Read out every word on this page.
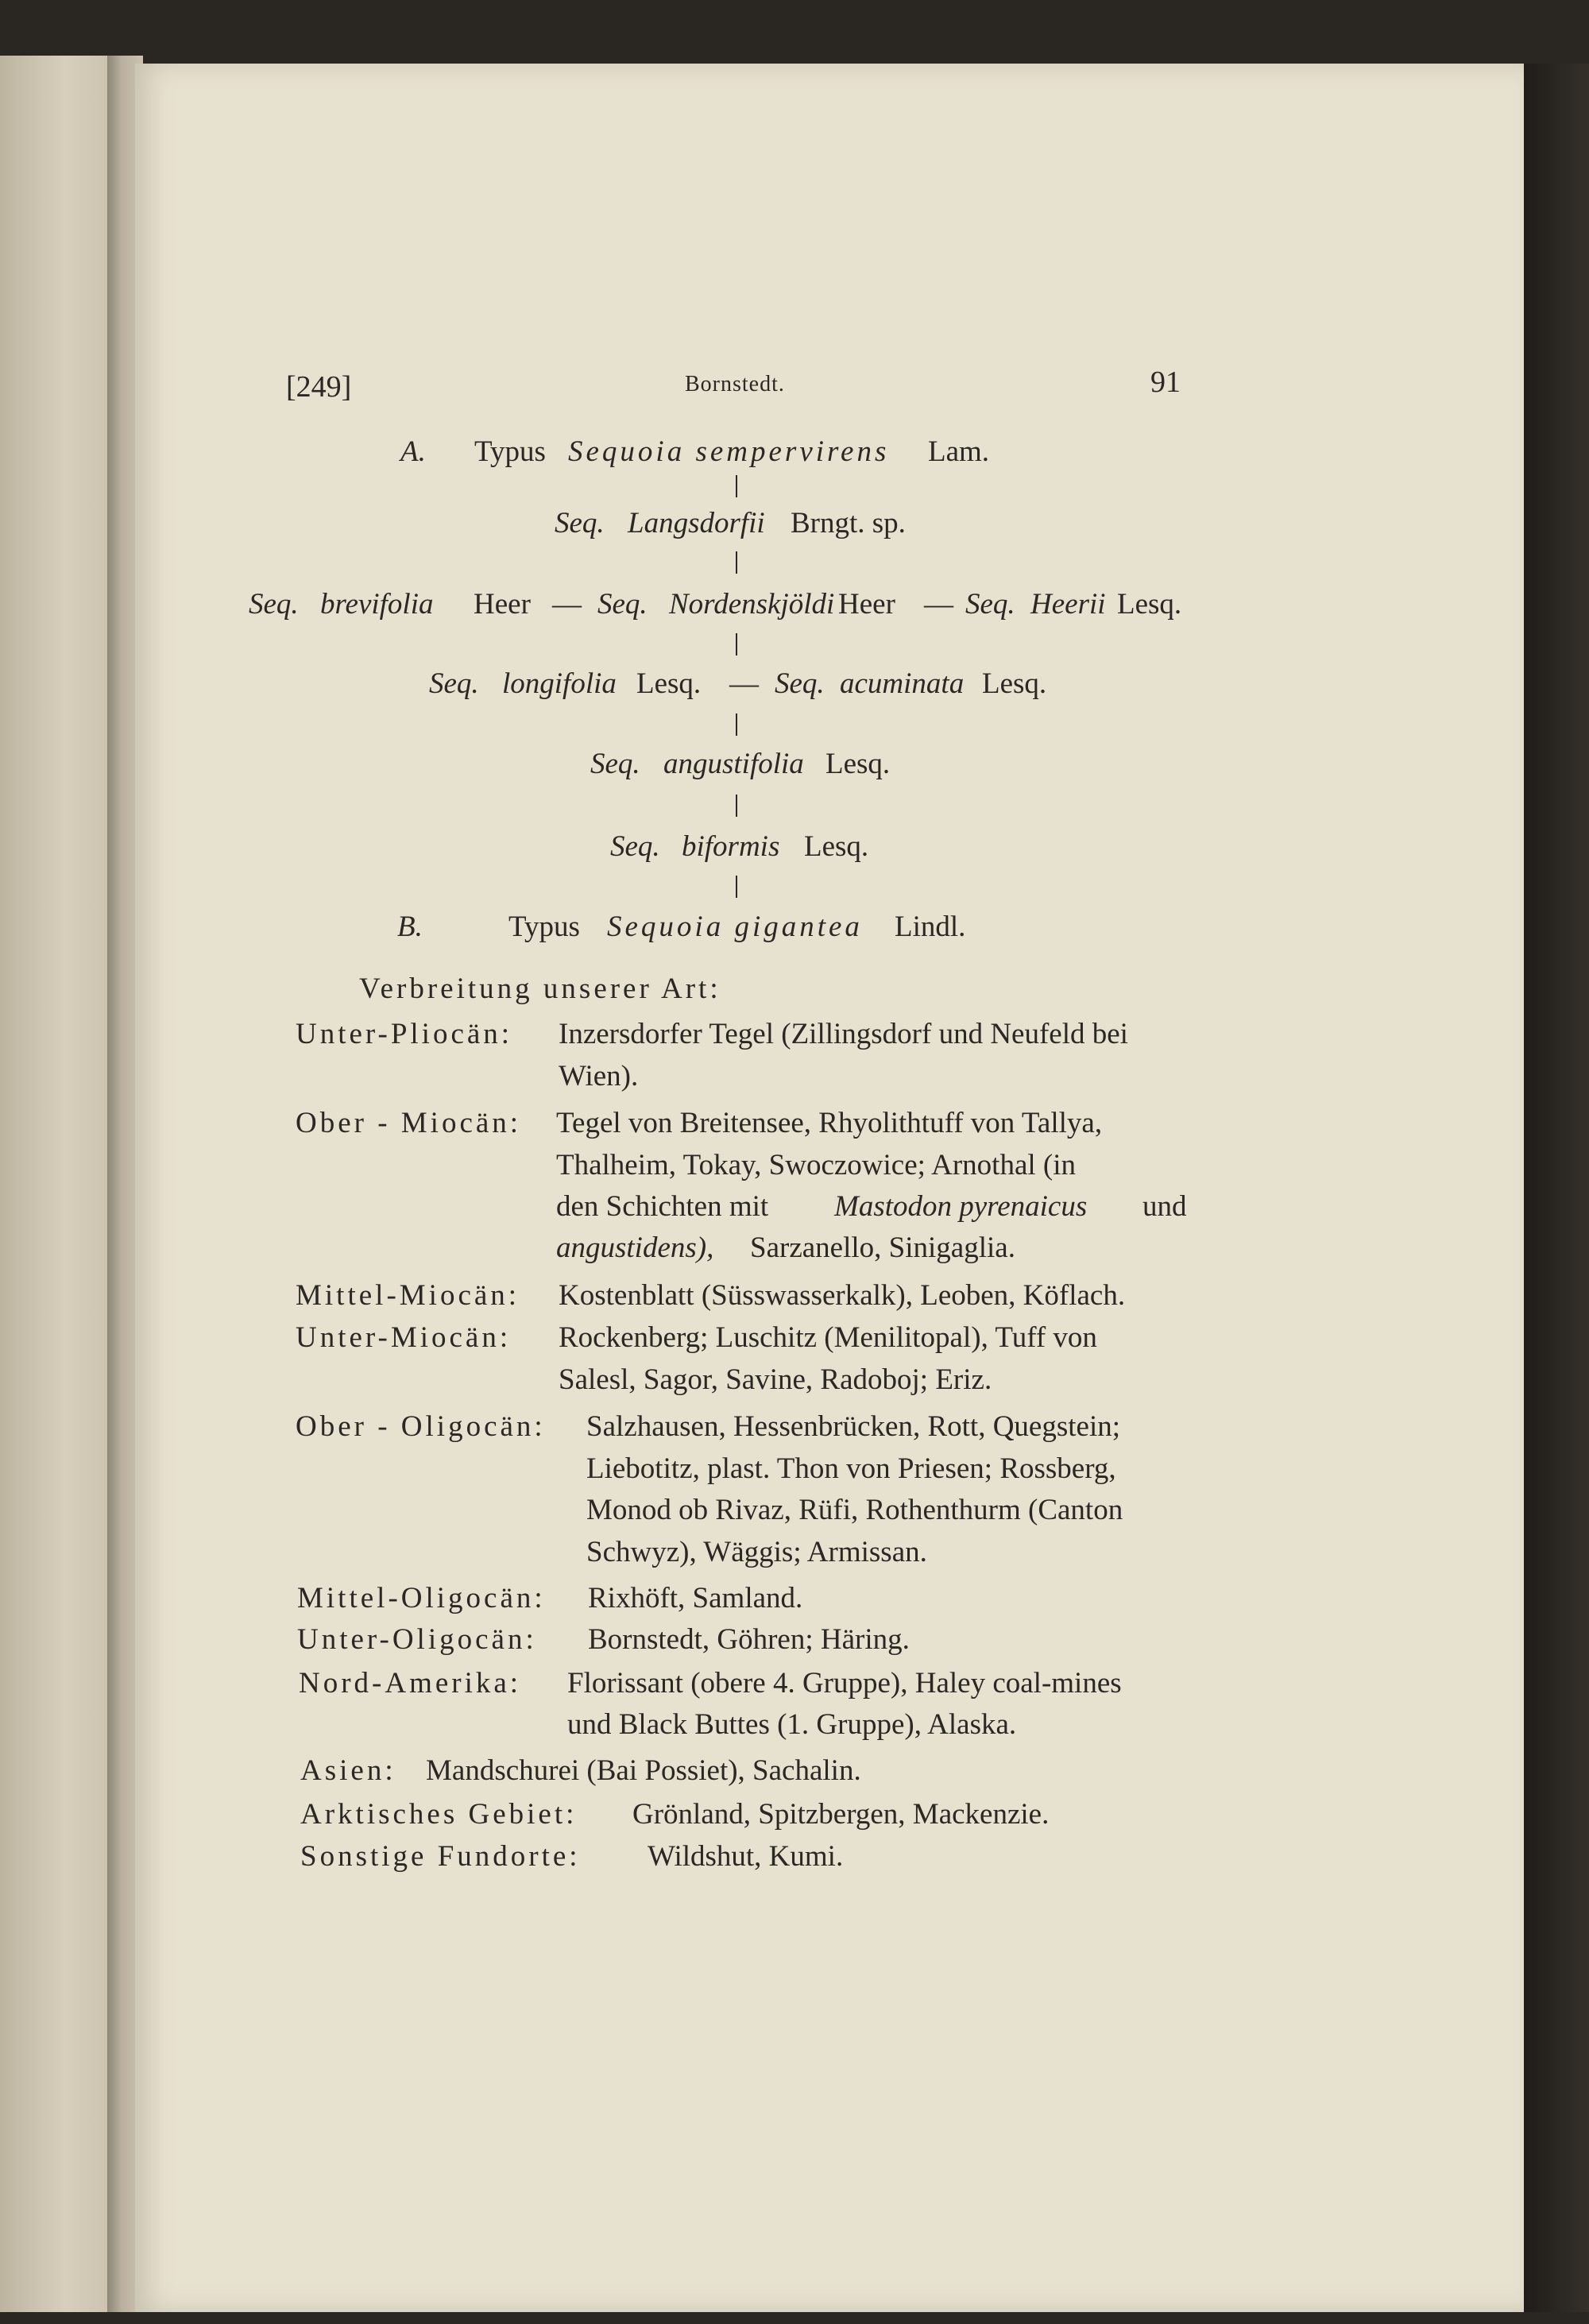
[249]	Bornstedt.	91
A. Typus Sequoia sempervirens Lam.
Seq. Langsdorfii Brngt. sp.
Seq. brevifolia Heer — Seq. Nordenskjöldi Heer — Seq. Heerii Lesq.
Seq. longifolia Lesq. — Seq. acuminata Lesq.
Seq. angustifolia Lesq.
Seq. biformis Lesq.
B.	Typus Sequoia gigantea Lindl.
Verbreitung unserer Art:
Unter-Pliocän: Inzersdorfer Tegel (Zillingsdorf und Neufeld bei
Wien).
Ober - Miocän: Tegel von Breitensee, Rhyolithtuff von Tallya,
Thalheim, Tokay, Swoczowice; Arnothal (in
den Schichten mit Mastodon pyrenaicus und
angustidens), Sarzanello, Sinigaglia.
Mittel-Miocän: Kostenblatt (Süsswasserkalk), Leoben, Köflach.
Unter-Miocän: Rockenberg; Luschitz (Menilitopal), Tuff von
Salesl, Sagor, Savine, Radoboj; Eriz.
Ober - Oligocän: Salzhausen, Hessenbrücken, Rott, Quegstein;
Liebotitz, plast. Thon von Priesen; Rossberg,
Monod ob Rivaz, Rüfi, Rothenthurm (Canton
Schwyz), Wäggis; Armissan.
Mittel-Oligocän: Rixhöft, Samland.
Unter-Oligocän: Bornstedt, Göhren; Häring.
Nord-Amerika: Florissant (obere 4. Gruppe), Haley coal-mines
und Black Buttes (1. Gruppe), Alaska.
Asien: Mandschurei (Bai Possiet), Sachalin.
Arktisches Gebiet: Grönland, Spitzbergen, Mackenzie.
Sonstige Fundorte: Wildshut, Kumi.
